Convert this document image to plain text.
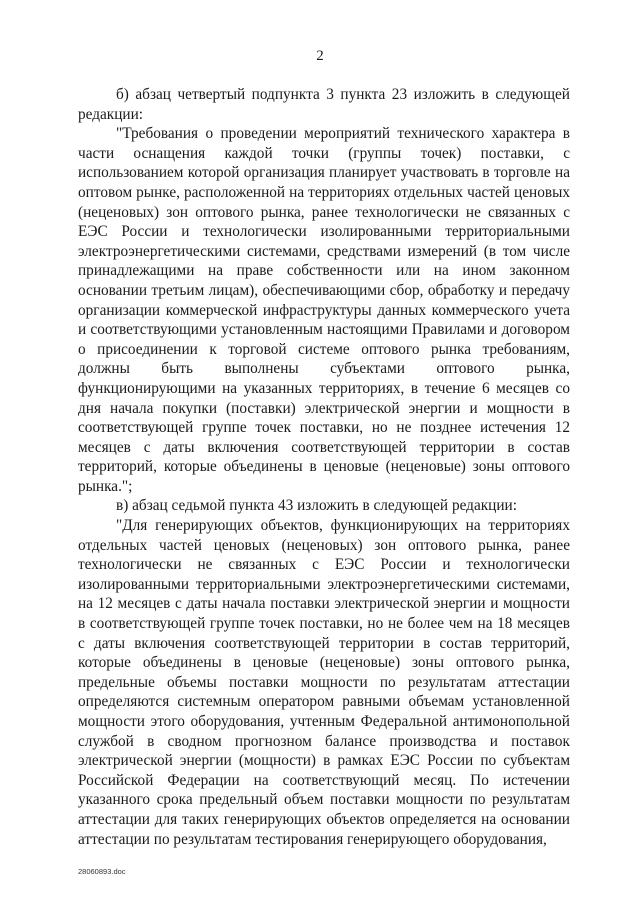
2

б) абзац четвертый подпункта 3 пункта 23 изложить в следующей редакции:

"Требования о проведении мероприятий технического характера в части оснащения каждой точки (группы точек) поставки, с использованием которой организация планирует участвовать в торговле на оптовом рынке, расположенной на территориях отдельных частей ценовых (неценовых) зон оптового рынка, ранее технологически не связанных с ЕЭС России и технологически изолированными территориальными электроэнергетическими системами, средствами измерений (в том числе принадлежащими на праве собственности или на ином законном основании третьим лицам), обеспечивающими сбор, обработку и передачу организации коммерческой инфраструктуры данных коммерческого учета и соответствующими установленным настоящими Правилами и договором о присоединении к торговой системе оптового рынка требованиям, должны быть выполнены субъектами оптового рынка, функционирующими на указанных территориях, в течение 6 месяцев со дня начала покупки (поставки) электрической энергии и мощности в соответствующей группе точек поставки, но не позднее истечения 12 месяцев с даты включения соответствующей территории в состав территорий, которые объединены в ценовые (неценовые) зоны оптового рынка.";

в) абзац седьмой пункта 43 изложить в следующей редакции:

"Для генерирующих объектов, функционирующих на территориях отдельных частей ценовых (неценовых) зон оптового рынка, ранее технологически не связанных с ЕЭС России и технологически изолированными территориальными электроэнергетическими системами, на 12 месяцев с даты начала поставки электрической энергии и мощности в соответствующей группе точек поставки, но не более чем на 18 месяцев с даты включения соответствующей территории в состав территорий, которые объединены в ценовые (неценовые) зоны оптового рынка, предельные объемы поставки мощности по результатам аттестации определяются системным оператором равными объемам установленной мощности этого оборудования, учтенным Федеральной антимонопольной службой в сводном прогнозном балансе производства и поставок электрической энергии (мощности) в рамках ЕЭС России по субъектам Российской Федерации на соответствующий месяц. По истечении указанного срока предельный объем поставки мощности по результатам аттестации для таких генерирующих объектов определяется на основании аттестации по результатам тестирования генерирующего оборудования,

28060893.doc
